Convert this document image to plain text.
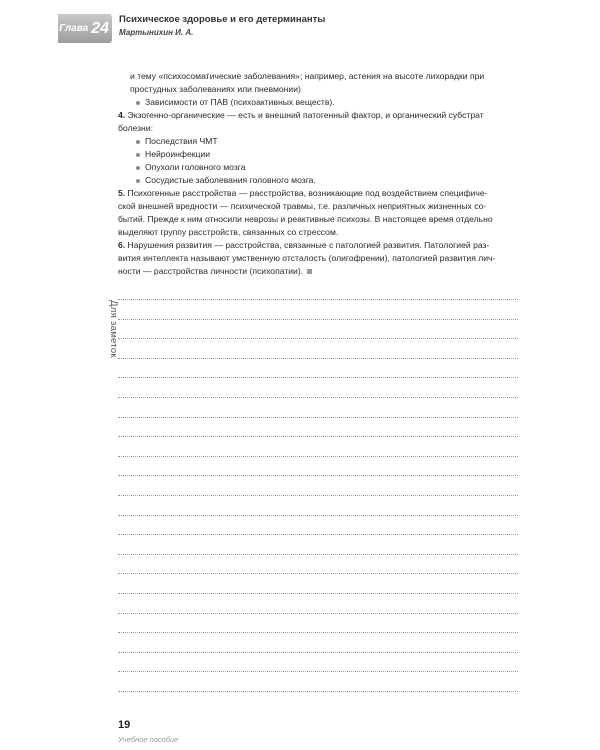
Глава 24 Психическое здоровье и его детерминанты
Мартынихин И. А.

и тему «психосоматические заболевания»; например, астения на высоте лихорадки при

простудных заболеваниях или пневмонии)

Зависимости от ПАВ (психоактивных веществ).

4. Экзогенно-органические — есть и внешний патогенный фактор, и органический субстрат

болезни:

Последствия ЧМТ
Нейроинфекции
Опухоли головного мозга
Сосудистые заболевания головного мозга.

5. Психогенные расстройства — расстройства, возникающие под воздействием специфиче-

ской внешней вредности — психической травмы, т.е. различных неприятных жизненных со-

бытий. Прежде к ним относили неврозы и реактивные психозы. В настоящее время отдельно

выделяют группу расстройств, связанных со стрессом.

6. Нарушения развития — расстройства, связанные с патологией развития. Патологией раз-

вития интеллекта называют умственную отсталость (олигофрении), патологией развития лич-

ности — расстройства личности (психопатии).

Для заметок
19
Учебное пособие
